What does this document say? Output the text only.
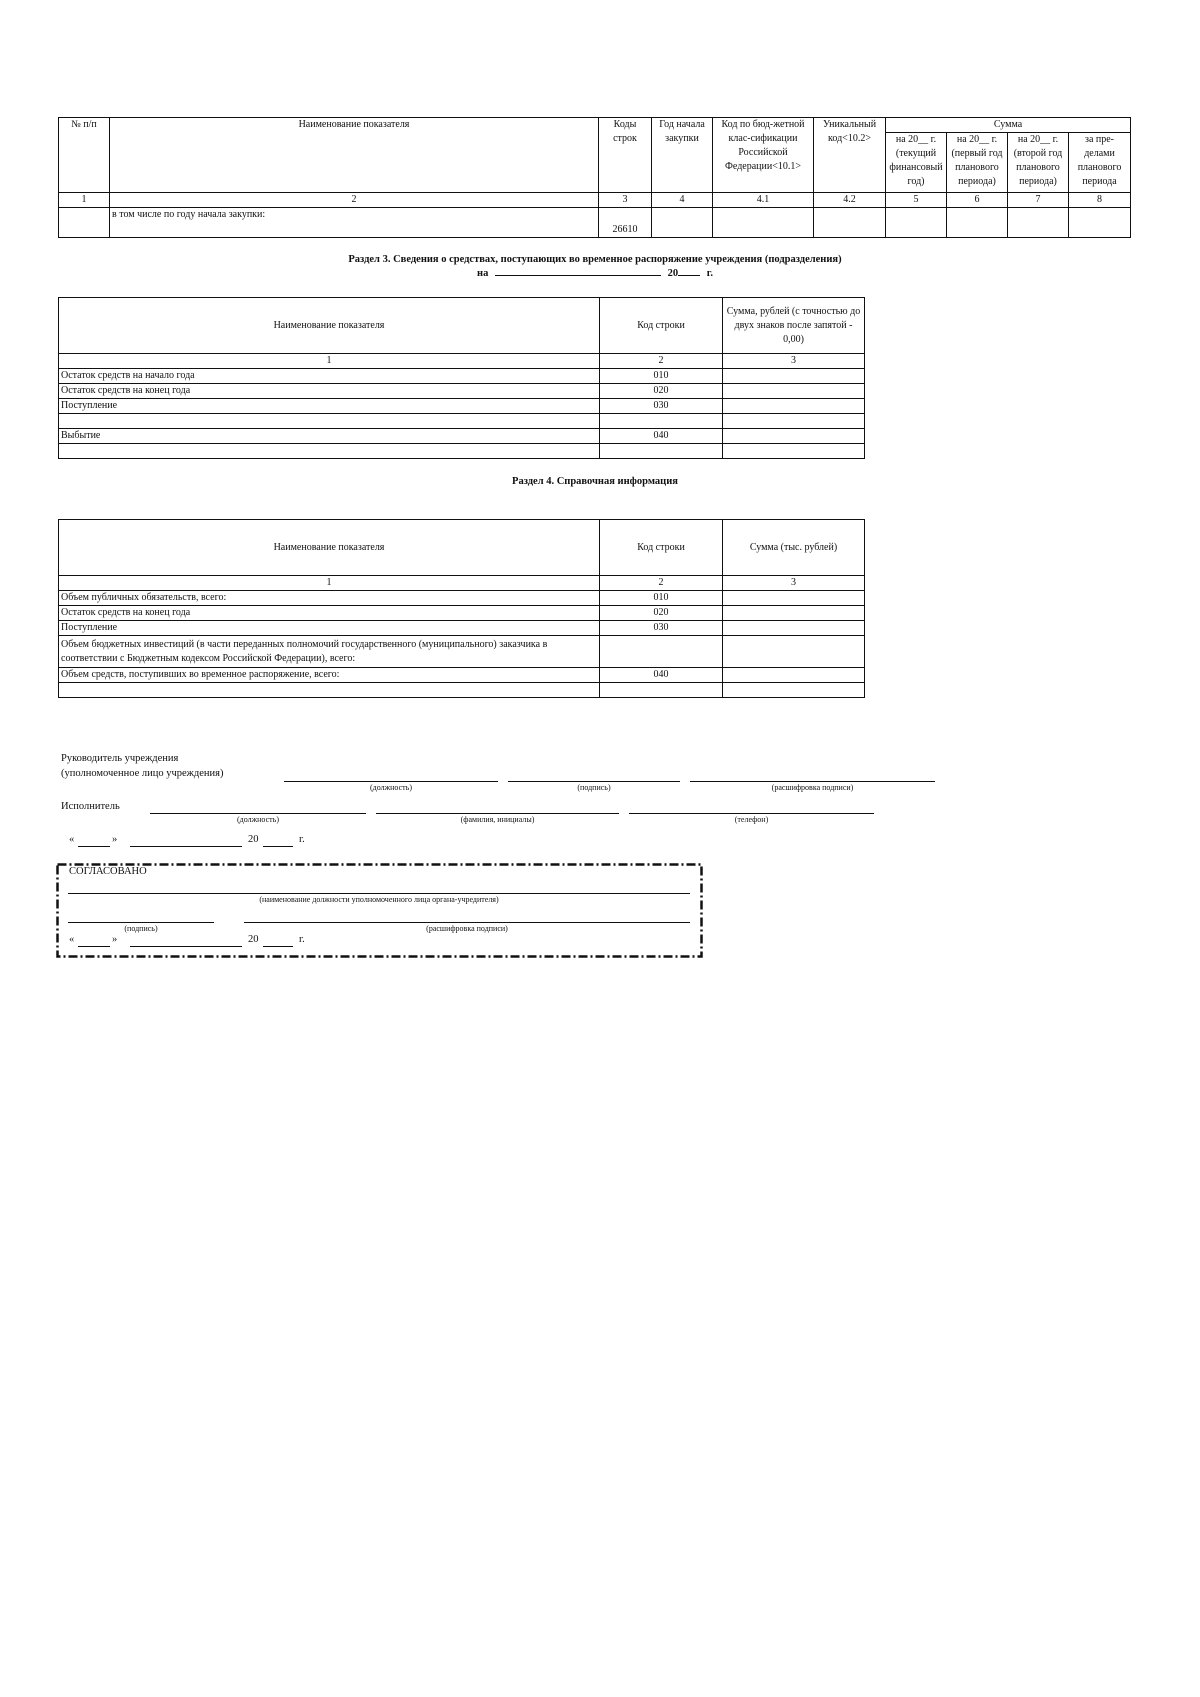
№ п/п	Наименование показателя	Коды строк	Год начала закупки	Код по бюд-жетной клас-сификации Российской Федерации<10.1>	Уникальный код<10.2>	Сумма			
						на 20__ г. (текущий финансовый год)	на 20__ г. (первый год планового периода)	на 20__ г. (второй год планового периода)	за пре-делами планового периода
1	2	3	4	4.1	4.2	5	6	7	8
	в том числе по году начала закупки:	26610							
Раздел 3. Сведения о средствах, поступающих во временное распоряжение учреждения (подразделения)
на	20	г.
Наименование показателя	Код строки	Сумма, рублей (с точностью до двух знаков после запятой - 0,00)
1	2	3
Остаток средств на начало года	010	
Остаток средств на конец года	020	
Поступление	030	

Выбытие	040	

Раздел 4. Справочная информация
Наименование показателя	Код строки	Сумма (тыс. рублей)
1	2	3
Объем публичных обязательств, всего:	010	
Остаток средств на конец года	020	
Поступление	030	
Объем бюджетных инвестиций (в части переданных полномочий государственного (муниципального) заказчика в соответствии с Бюджетным кодексом Российской Федерации), всего:		
Объем средств, поступивших во временное распоряжение, всего:	040	

Руководитель учреждения
(уполномоченное лицо учреждения)
(должность)	(подпись)	(расшифровка подписи)
Исполнитель
(должность)	(фамилия, инициалы)	(телефон)
«	»	20	г.
СОГЛАСОВАНО
(наименование должности уполномоченного лица органа-учредителя)
(подпись)	(расшифровка подписи)
«	»	20	г.
